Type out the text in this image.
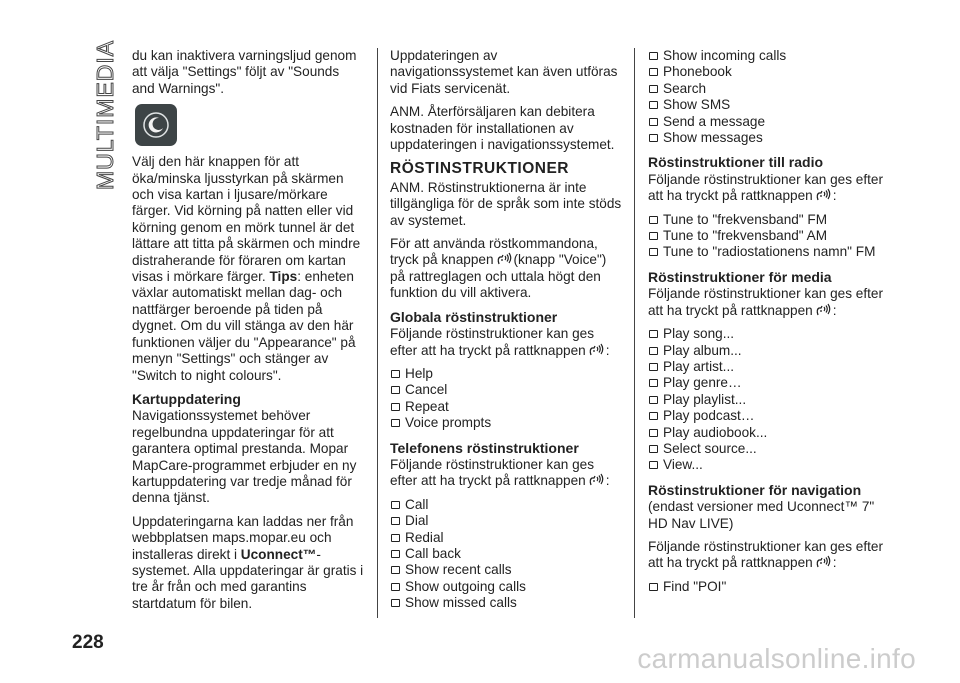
MULTIMEDIA du kan inaktivera varningsljud genom att välja "Settings" följt av "Sounds and Warnings".

Välj den här knappen för att öka/minska ljusstyrkan på skärmen och visa kartan i ljusare/mörkare färger. Vid körning på natten eller vid körning genom en mörk tunnel är det lättare att titta på skärmen och mindre distraherande för föraren om kartan visas i mörkare färger. Tips: enheten växlar automatiskt mellan dag- och nattfärger beroende på tiden på dygnet. Om du vill stänga av den här funktionen väljer du "Appearance" på menyn "Settings" och stänger av "Switch to night colours".

Kartuppdatering

Navigationssystemet behöver regelbundna uppdateringar för att garantera optimal prestanda. Mopar MapCare-programmet erbjuder en ny kartuppdatering var tredje månad för denna tjänst.

Uppdateringarna kan laddas ner från webbplatsen maps.mopar.eu och installeras direkt i Uconnect™-systemet. Alla uppdateringar är gratis i tre år från och med garantins startdatum för bilen.

Uppdateringen av navigationssystemet kan även utföras vid Fiats servicenät.

ANM. Återförsäljaren kan debitera kostnaden för installationen av uppdateringen i navigationssystemet.

RÖSTINSTRUKTIONER

ANM. Röstinstruktionerna är inte tillgängliga för de språk som inte stöds av systemet.

För att använda röstkommandona, tryck på knappen (knapp "Voice") på rattreglagen och uttala högt den funktion du vill aktivera.

Globala röstinstruktioner

Följande röstinstruktioner kan ges efter att ha tryckt på rattknappen :

Help
Cancel
Repeat
Voice prompts
Telefonens röstinstruktioner

Följande röstinstruktioner kan ges efter att ha tryckt på rattknappen :

Call
Dial
Redial
Call back
Show recent calls
Show outgoing calls
Show missed calls
Show incoming calls
Phonebook
Search
Show SMS
Send a message
Show messages
Röstinstruktioner till radio

Följande röstinstruktioner kan ges efter att ha tryckt på rattknappen :

Tune to "frekvensband" FM
Tune to "frekvensband" AM
Tune to "radiostationens namn" FM
Röstinstruktioner för media

Följande röstinstruktioner kan ges efter att ha tryckt på rattknappen :

Play song...
Play album...
Play artist...
Play genre…
Play playlist...
Play podcast…
Play audiobook...
Select source...
View...
Röstinstruktioner för navigation

(endast versioner med Uconnect™ 7" HD Nav LIVE)

Följande röstinstruktioner kan ges efter att ha tryckt på rattknappen :

Find "POI"
228
carmanualsonline.info
